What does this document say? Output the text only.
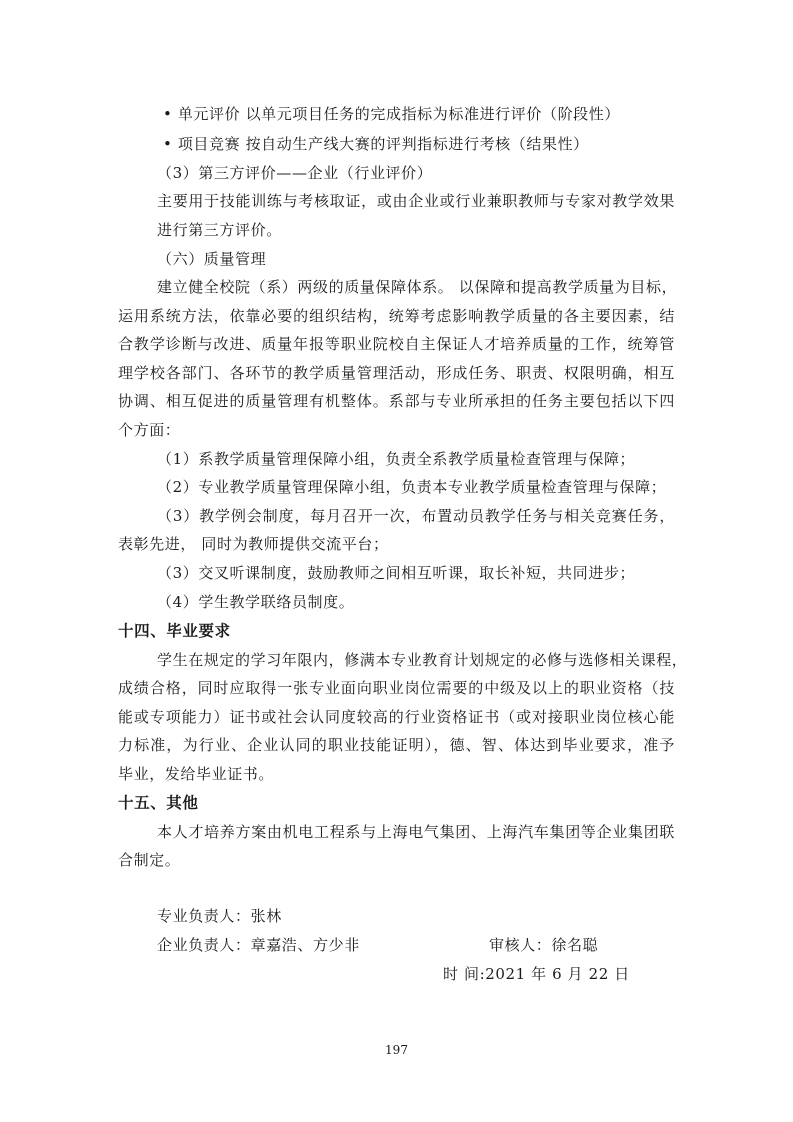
• 单元评价 以单元项目任务的完成指标为标准进行评价（阶段性）
• 项目竞赛 按自动生产线大赛的评判指标进行考核（结果性）
（3）第三方评价——企业（行业评价）
主要用于技能训练与考核取证，或由企业或行业兼职教师与专家对教学效果
进行第三方评价。
（六）质量管理
建立健全校院（系）两级的质量保障体系。 以保障和提高教学质量为目标，
运用系统方法，依靠必要的组织结构，统筹考虑影响教学质量的各主要因素，结
合教学诊断与改进、质量年报等职业院校自主保证人才培养质量的工作，统筹管
理学校各部门、各环节的教学质量管理活动，形成任务、职责、权限明确，相互
协调、相互促进的质量管理有机整体。系部与专业所承担的任务主要包括以下四
个方面：
（1）系教学质量管理保障小组，负责全系教学质量检查管理与保障；
（2）专业教学质量管理保障小组，负责本专业教学质量检查管理与保障；
（3）教学例会制度，每月召开一次，布置动员教学任务与相关竞赛任务，
表彰先进， 同时为教师提供交流平台；
（3）交叉听课制度，鼓励教师之间相互听课，取长补短，共同进步；
（4）学生教学联络员制度。
十四、毕业要求
学生在规定的学习年限内，修满本专业教育计划规定的必修与选修相关课程，
成绩合格，同时应取得一张专业面向职业岗位需要的中级及以上的职业资格（技
能或专项能力）证书或社会认同度较高的行业资格证书（或对接职业岗位核心能
力标准，为行业、企业认同的职业技能证明），德、智、体达到毕业要求，准予
毕业，发给毕业证书。
十五、其他
本人才培养方案由机电工程系与上海电气集团、上海汽车集团等企业集团联
合制定。
专业负责人：张林
企业负责人：章嘉浩、方少非	审核人：徐名聪
时 间:2021 年 6 月 22 日
197
